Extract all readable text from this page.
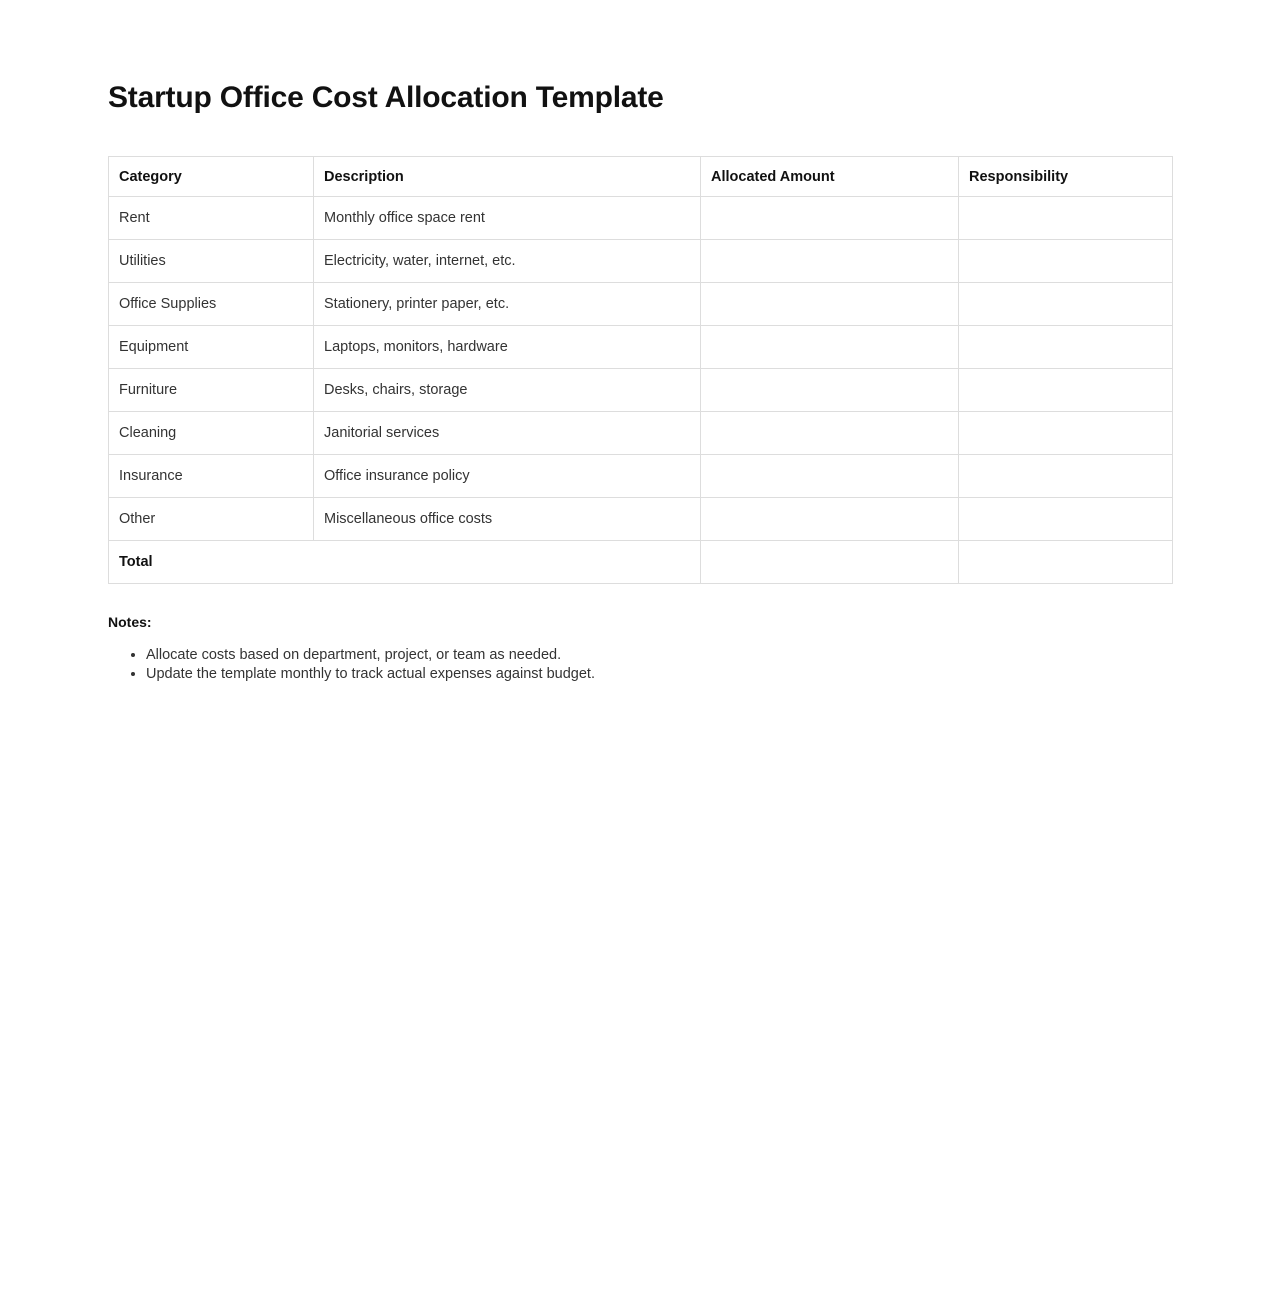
Startup Office Cost Allocation Template
Category	Description	Allocated Amount	Responsibility
Rent	Monthly office space rent		
Utilities	Electricity, water, internet, etc.		
Office Supplies	Stationery, printer paper, etc.		
Equipment	Laptops, monitors, hardware		
Furniture	Desks, chairs, storage		
Cleaning	Janitorial services		
Insurance	Office insurance policy		
Other	Miscellaneous office costs		
Total			
Notes:
• Allocate costs based on department, project, or team as needed.
• Update the template monthly to track actual expenses against budget.
